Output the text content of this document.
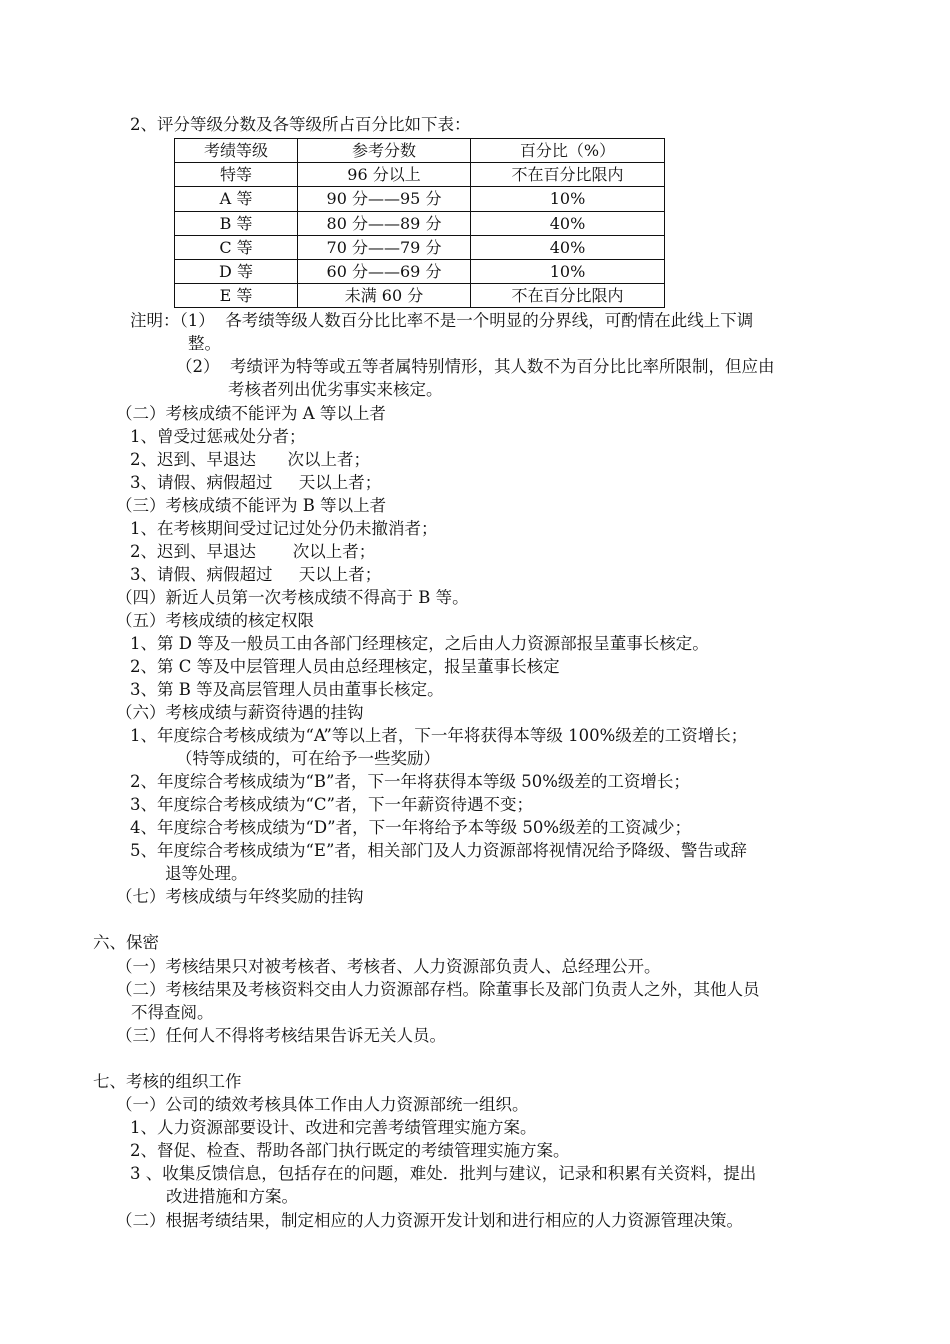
2、评分等级分数及各等级所占百分比如下表：
考绩等级	参考分数	百分比（%）
特等	96 分以上	不在百分比限内
A 等	90 分——95 分	10%
B 等	80 分——89 分	40%
C 等	70 分——79 分	40%
D 等	60 分——69 分	10%
E 等	未满 60 分	不在百分比限内
注明：（1）  各考绩等级人数百分比比率不是一个明显的分界线，可酌情在此线上下调
整。
（2）  考绩评为特等或五等者属特别情形，其人数不为百分比比率所限制，但应由
考核者列出优劣事实来核定。
（二）考核成绩不能评为 A 等以上者
1、曾受过惩戒处分者；
2、迟到、早退达      次以上者；
3、请假、病假超过     天以上者；
（三）考核成绩不能评为 B 等以上者
1、在考核期间受过记过处分仍未撤消者；
2、迟到、早退达       次以上者；
3、请假、病假超过     天以上者；
（四）新近人员第一次考核成绩不得高于 B 等。
（五）考核成绩的核定权限
1、第 D 等及一般员工由各部门经理核定，之后由人力资源部报呈董事长核定。
2、第 C 等及中层管理人员由总经理核定，报呈董事长核定
3、第 B 等及高层管理人员由董事长核定。
（六）考核成绩与薪资待遇的挂钩
1、年度综合考核成绩为“A”等以上者，下一年将获得本等级 100%级差的工资增长；
（特等成绩的，可在给予一些奖励）
2、年度综合考核成绩为“B”者，下一年将获得本等级 50%级差的工资增长；
3、年度综合考核成绩为“C”者，下一年薪资待遇不变；
4、年度综合考核成绩为“D”者，下一年将给予本等级 50%级差的工资减少；
5、年度综合考核成绩为“E”者，相关部门及人力资源部将视情况给予降级、警告或辞
退等处理。
（七）考核成绩与年终奖励的挂钩
六、保密
（一）考核结果只对被考核者、考核者、人力资源部负责人、总经理公开。
（二）考核结果及考核资料交由人力资源部存档。除董事长及部门负责人之外，其他人员
不得查阅。
（三）任何人不得将考核结果告诉无关人员。
七、考核的组织工作
（一）公司的绩效考核具体工作由人力资源部统一组织。
1、人力资源部要设计、改进和完善考绩管理实施方案。
2、督促、检查、帮助各部门执行既定的考绩管理实施方案。
3 、收集反馈信息，包括存在的问题，难处．批判与建议，记录和积累有关资料，提出
改进措施和方案。
（二）根据考绩结果，制定相应的人力资源开发计划和进行相应的人力资源管理决策。
